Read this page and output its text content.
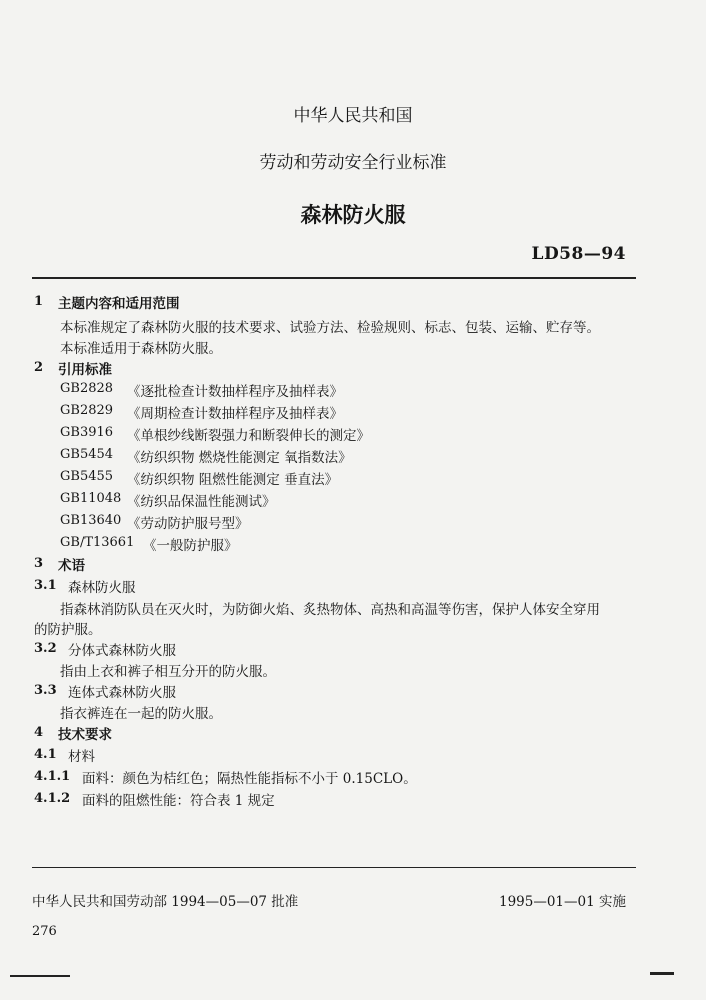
中华人民共和国
劳动和劳动安全行业标准
森林防火服
LD58—94
1 主题内容和适用范围
本标准规定了森林防火服的技术要求、试验方法、检验规则、标志、包装、运输、贮存等。
本标准适用于森林防火服。
2 引用标准
GB2828 《逐批检查计数抽样程序及抽样表》
GB2829 《周期检查计数抽样程序及抽样表》
GB3916 《单根纱线断裂强力和断裂伸长的测定》
GB5454 《纺织织物 燃烧性能测定 氧指数法》
GB5455 《纺织织物 阻燃性能测定 垂直法》
GB11048 《纺织品保温性能测试》
GB13640 《劳动防护服号型》
GB/T13661 《一般防护服》
3 术语
3.1 森林防火服
指森林消防队员在灭火时，为防御火焰、炙热物体、高热和高温等伤害，保护人体安全穿用
的防护服。
3.2 分体式森林防火服
指由上衣和裤子相互分开的防火服。
3.3 连体式森林防火服
指衣裤连在一起的防火服。
4 技术要求
4.1 材料
4.1.1 面料：颜色为桔红色；隔热性能指标不小于 0.15CLO。
4.1.2 面料的阻燃性能：符合表 1 规定
中华人民共和国劳动部 1994—05—07 批准	1995—01—01 实施
276
